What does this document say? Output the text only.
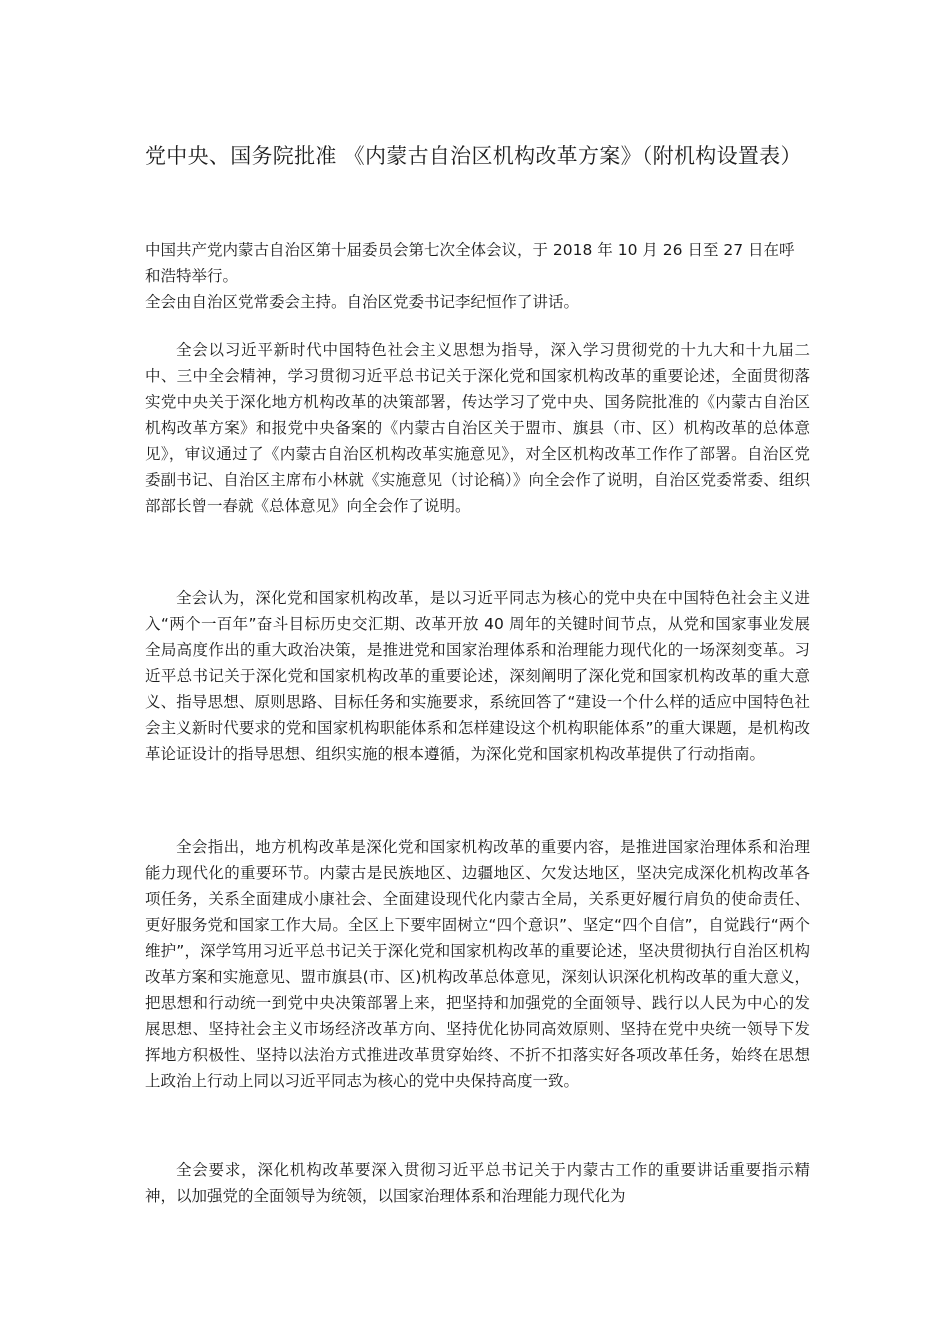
党中央、国务院批准 《内蒙古自治区机构改革方案》（附机构设置表）

中国共产党内蒙古自治区第十届委员会第七次全体会议，于 2018 年 10 月 26 日至 27 日在呼和浩特举行。

全会由自治区党常委会主持。自治区党委书记李纪恒作了讲话。

全会以习近平新时代中国特色社会主义思想为指导，深入学习贯彻党的十九大和十九届二中、三中全会精神，学习贯彻习近平总书记关于深化党和国家机构改革的重要论述，全面贯彻落实党中央关于深化地方机构改革的决策部署，传达学习了党中央、国务院批准的《内蒙古自治区机构改革方案》和报党中央备案的《内蒙古自治区关于盟市、旗县（市、区）机构改革的总体意见》，审议通过了《内蒙古自治区机构改革实施意见》，对全区机构改革工作作了部署。自治区党委副书记、自治区主席布小林就《实施意见（讨论稿）》向全会作了说明，自治区党委常委、组织部部长曾一春就《总体意见》向全会作了说明。

全会认为，深化党和国家机构改革，是以习近平同志为核心的党中央在中国特色社会主义进入“两个一百年”奋斗目标历史交汇期、改革开放 40 周年的关键时间节点，从党和国家事业发展全局高度作出的重大政治决策，是推进党和国家治理体系和治理能力现代化的一场深刻变革。习近平总书记关于深化党和国家机构改革的重要论述，深刻阐明了深化党和国家机构改革的重大意义、指导思想、原则思路、目标任务和实施要求，系统回答了“建设一个什么样的适应中国特色社会主义新时代要求的党和国家机构职能体系和怎样建设这个机构职能体系”的重大课题，是机构改革论证设计的指导思想、组织实施的根本遵循，为深化党和国家机构改革提供了行动指南。

全会指出，地方机构改革是深化党和国家机构改革的重要内容，是推进国家治理体系和治理能力现代化的重要环节。内蒙古是民族地区、边疆地区、欠发达地区，坚决完成深化机构改革各项任务，关系全面建成小康社会、全面建设现代化内蒙古全局，关系更好履行肩负的使命责任、更好服务党和国家工作大局。全区上下要牢固树立“四个意识”、坚定“四个自信”，自觉践行“两个维护”，深学笃用习近平总书记关于深化党和国家机构改革的重要论述，坚决贯彻执行自治区机构改革方案和实施意见、盟市旗县(市、区)机构改革总体意见，深刻认识深化机构改革的重大意义，把思想和行动统一到党中央决策部署上来，把坚持和加强党的全面领导、践行以人民为中心的发展思想、坚持社会主义市场经济改革方向、坚持优化协同高效原则、坚持在党中央统一领导下发挥地方积极性、坚持以法治方式推进改革贯穿始终、不折不扣落实好各项改革任务，始终在思想上政治上行动上同以习近平同志为核心的党中央保持高度一致。

全会要求，深化机构改革要深入贯彻习近平总书记关于内蒙古工作的重要讲话重要指示精神，以加强党的全面领导为统领，以国家治理体系和治理能力现代化为
